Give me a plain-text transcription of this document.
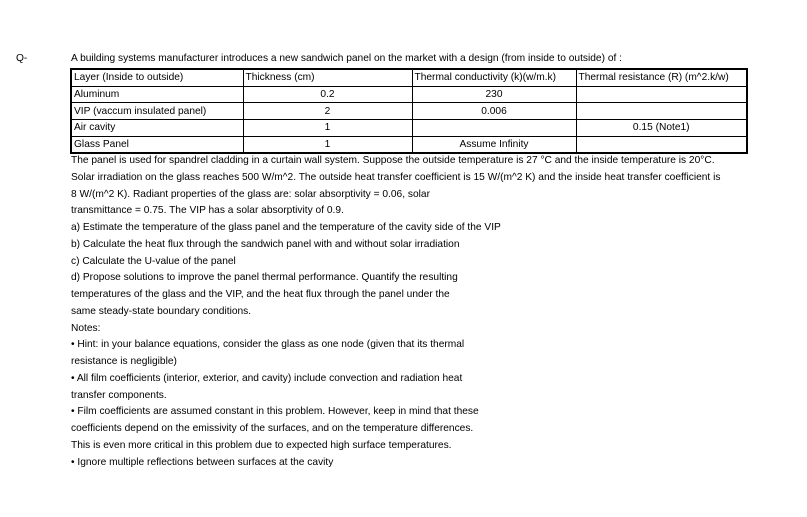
Q-	A building systems manufacturer introduces a new sandwich panel on the market with a design (from inside to outside) of :
Layer (Inside to outside)	Thickness (cm)	Thermal conductivity (k)(w/m.k)	Thermal resistance (R) (m^2.k/w)
Aluminum	0.2	230	
VIP (vaccum insulated panel)	2	0.006	
Air cavity	1		0.15 (Note1)
Glass Panel	1	Assume Infinity	
The panel is used for spandrel cladding in a curtain wall system. Suppose the outside temperature is 27 °C and the inside temperature is 20°C.
Solar irradiation on the glass reaches 500 W/m^2. The outside heat transfer coefficient is 15 W/(m^2 K) and the inside heat transfer coefficient is
8 W/(m^2 K). Radiant properties of the glass are: solar absorptivity = 0.06, solar
transmittance = 0.75. The VIP has a solar absorptivity of 0.9.
a) Estimate the temperature of the glass panel and the temperature of the cavity side of the VIP
b) Calculate the heat flux through the sandwich panel with and without solar irradiation
c) Calculate the U-value of the panel
d) Propose solutions to improve the panel thermal performance. Quantify the resulting
temperatures of the glass and the VIP, and the heat flux through the panel under the
same steady-state boundary conditions.
Notes:
• Hint: in your balance equations, consider the glass as one node (given that its thermal
resistance is negligible)
• All film coefficients (interior, exterior, and cavity) include convection and radiation heat
transfer components.
• Film coefficients are assumed constant in this problem. However, keep in mind that these
coefficients depend on the emissivity of the surfaces, and on the temperature differences.
This is even more critical in this problem due to expected high surface temperatures.
• Ignore multiple reflections between surfaces at the cavity
